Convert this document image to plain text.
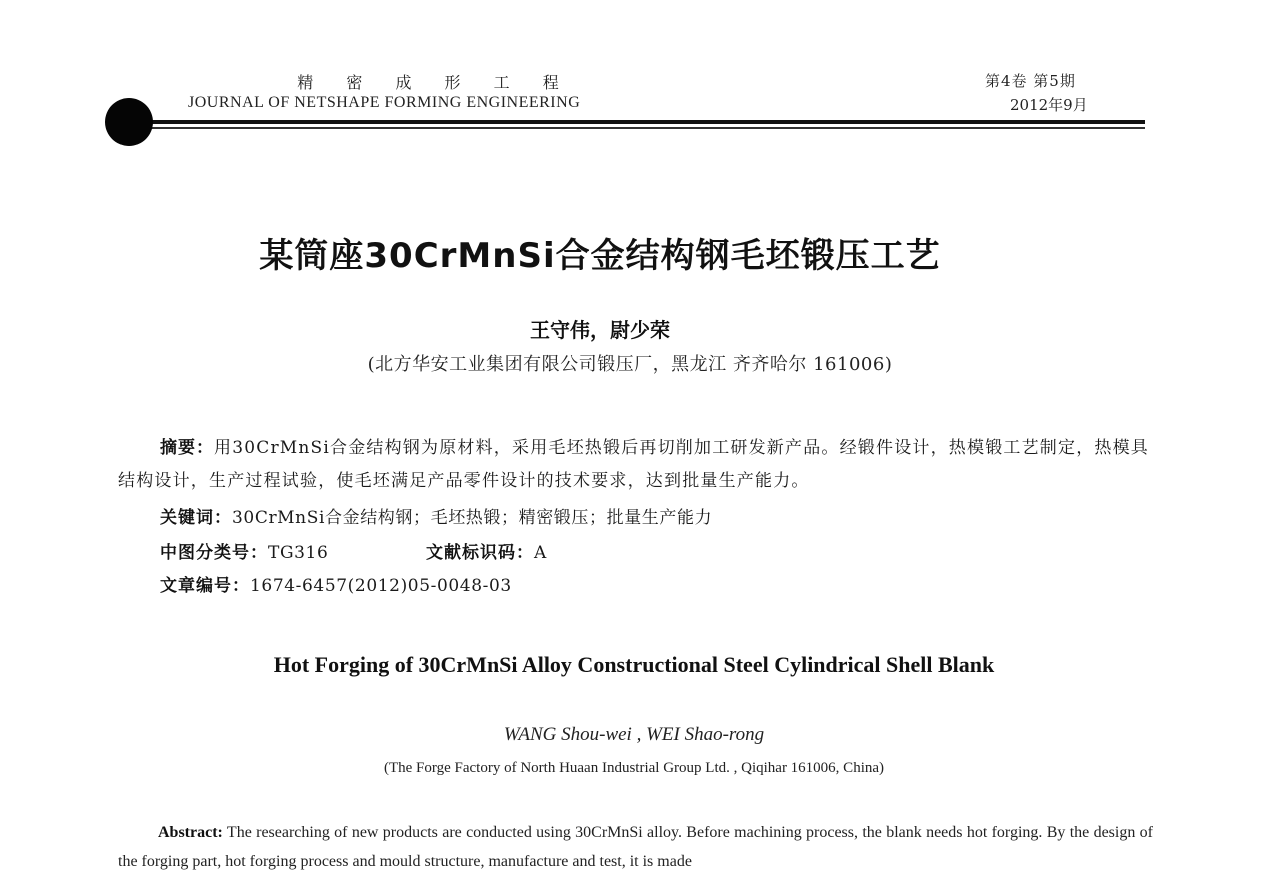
精 密 成 形 工 程
JOURNAL OF NETSHAPE FORMING ENGINEERING
第4卷 第5期
2012年9月
某筒座30CrMnSi合金结构钢毛坯锻压工艺
王守伟，尉少荣
(北方华安工业集团有限公司锻压厂，黑龙江 齐齐哈尔 161006)
摘要：用30CrMnSi合金结构钢为原材料，采用毛坯热锻后再切削加工研发新产品。经锻件设计，热模锻工艺制定，热模具结构设计，生产过程试验，使毛坯满足产品零件设计的技术要求，达到批量生产能力。
关键词：30CrMnSi合金结构钢；毛坯热锻；精密锻压；批量生产能力
中图分类号：TG316	文献标识码：A
文章编号：1674-6457(2012)05-0048-03
Hot Forging of 30CrMnSi Alloy Constructional Steel Cylindrical Shell Blank
WANG Shou-wei , WEI Shao-rong
(The Forge Factory of North Huaan Industrial Group Ltd. , Qiqihar 161006, China)
Abstract: The researching of new products are conducted using 30CrMnSi alloy. Before machining process, the blank needs hot forging. By the design of the forging part, hot forging process and mould structure, manufacture and test, it is made
